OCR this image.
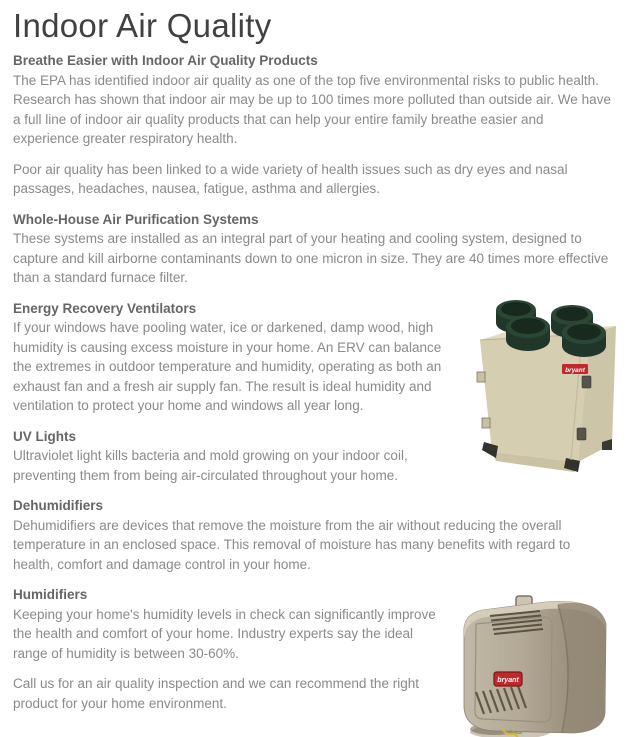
Indoor Air Quality
Breathe Easier with Indoor Air Quality Products

The EPA has identified indoor air quality as one of the top five environmental risks to public health. Research has shown that indoor air may be up to 100 times more polluted than outside air. We have a full line of indoor air quality products that can help your entire family breathe easier and experience greater respiratory health.

Poor air quality has been linked to a wide variety of health issues such as dry eyes and nasal passages, headaches, nausea, fatigue, asthma and allergies.

Whole-House Air Purification Systems

These systems are installed as an integral part of your heating and cooling system, designed to capture and kill airborne contaminants down to one micron in size. They are 40 times more effective than a standard furnace filter.

bryant
Energy Recovery Ventilators

If your windows have pooling water, ice or darkened, damp wood, high humidity is causing excess moisture in your home. An ERV can balance the extremes in outdoor temperature and humidity, operating as both an exhaust fan and a fresh air supply fan. The result is ideal humidity and ventilation to protect your home and windows all year long.

UV Lights

Ultraviolet light kills bacteria and mold growing on your indoor coil, preventing them from being air-circulated throughout your home.

Dehumidifiers

Dehumidifiers are devices that remove the moisture from the air without reducing the overall temperature in an enclosed space. This removal of moisture has many benefits with regard to health, comfort and damage control in your home.

bryant
Humidifiers

Keeping your home's humidity levels in check can significantly improve the health and comfort of your home. Industry experts say the ideal range of humidity is between 30-60%.

Call us for an air quality inspection and we can recommend the right product for your home environment.
